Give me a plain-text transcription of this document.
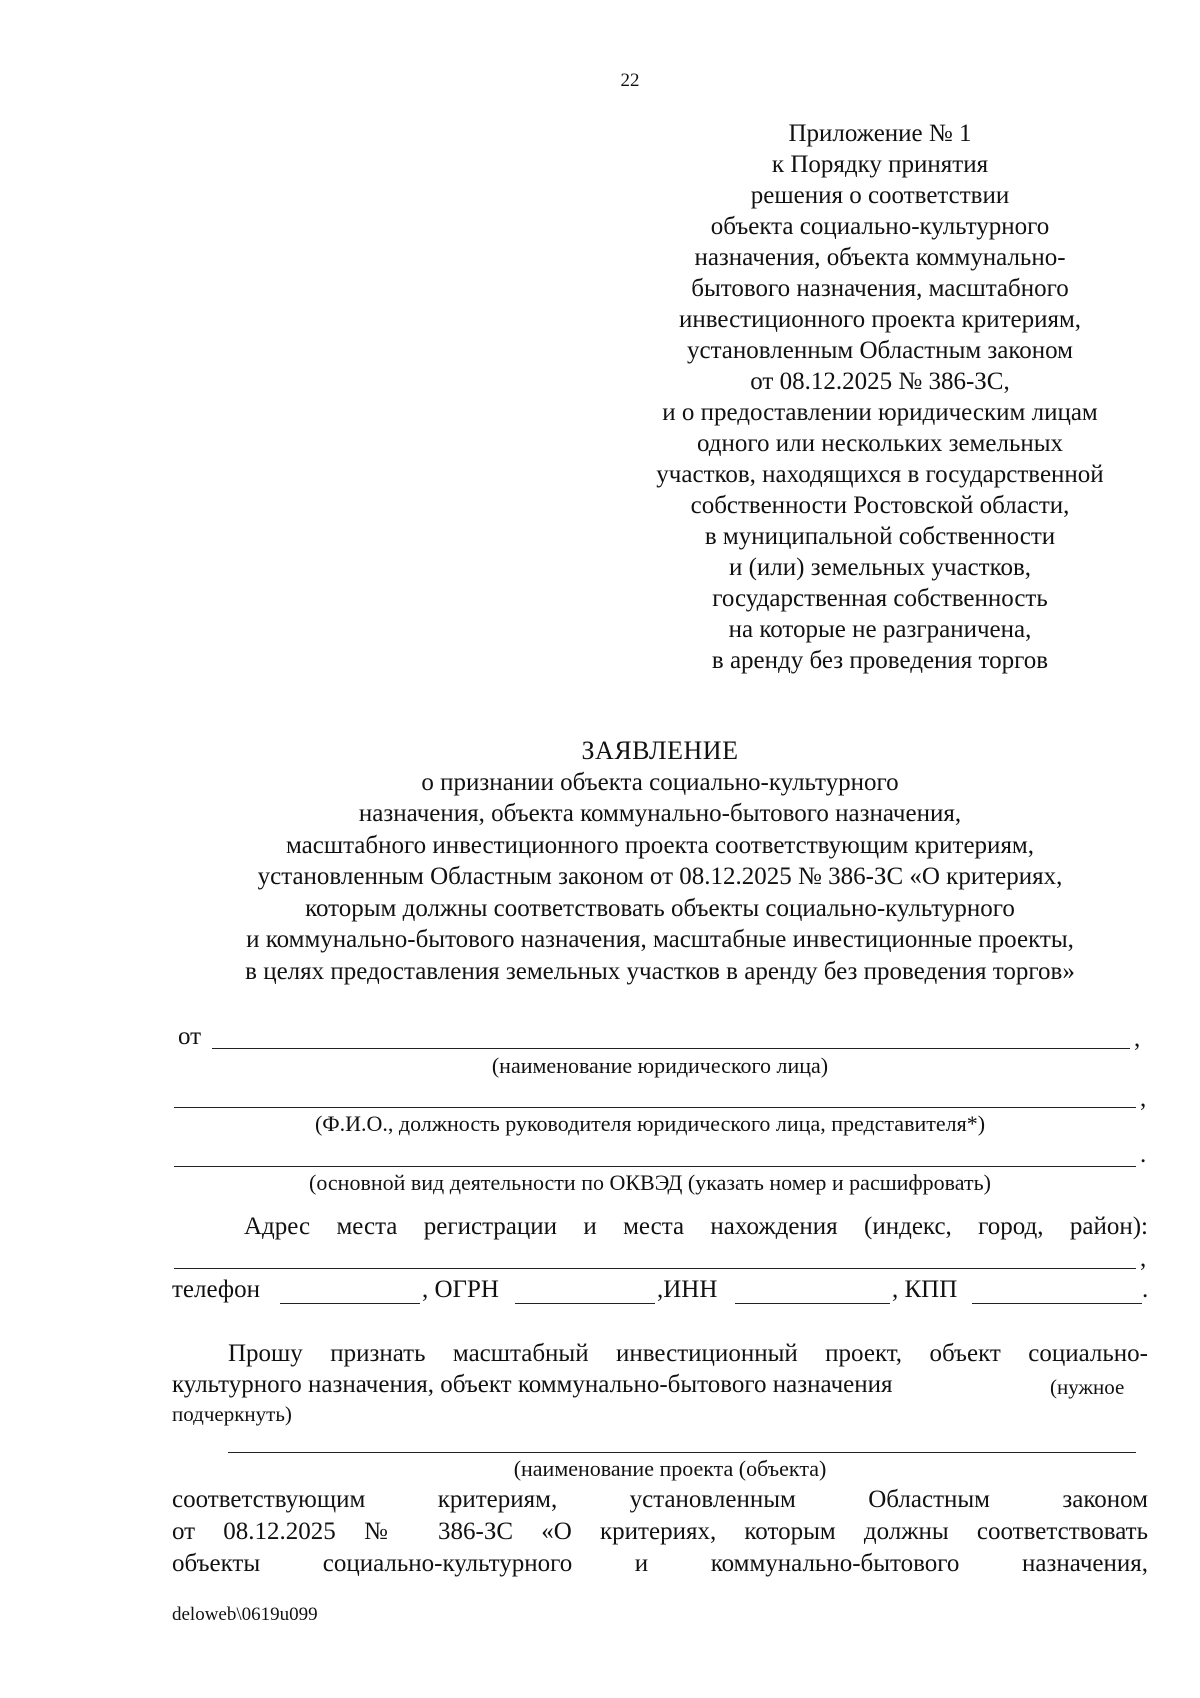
22
Приложение № 1
к Порядку принятия
решения о соответствии
объекта социально-культурного
назначения, объекта коммунально-
бытового назначения, масштабного
инвестиционного проекта критериям,
установленным Областным законом
от 08.12.2025 № 386-ЗС,
и о предоставлении юридическим лицам
одного или нескольких земельных
участков, находящихся в государственной
собственности Ростовской области,
в муниципальной собственности
и (или) земельных участков,
государственная собственность
на которые не разграничена,
в аренду без проведения торгов
ЗАЯВЛЕНИЕ
о признании объекта социально-культурного
назначения, объекта коммунально-бытового назначения,
масштабного инвестиционного проекта соответствующим критериям,
установленным Областным законом от 08.12.2025 № 386-ЗС «О критериях,
которым должны соответствовать объекты социально-культурного
и коммунально-бытового назначения, масштабные инвестиционные проекты,
в целях предоставления земельных участков в аренду без проведения торгов»
от	,
(наименование юридического лица)
,
(Ф.И.О., должность руководителя юридического лица, представителя*)
.
(основной вид деятельности по ОКВЭД (указать номер и расшифровать)
Адрес места регистрации и места нахождения (индекс, город, район):
,
телефон	, ОГРН	,ИНН	, КПП	.
Прошу признать масштабный инвестиционный проект, объект социально-
культурного назначения, объект коммунально-бытового назначения	(нужное
подчеркнуть)
(наименование проекта (объекта)
соответствующим критериям, установленным Областным законом
от 08.12.2025 № 386-ЗС «О критериях, которым должны соответствовать
объекты социально-культурного и коммунально-бытового назначения,
deloweb\0619u099
